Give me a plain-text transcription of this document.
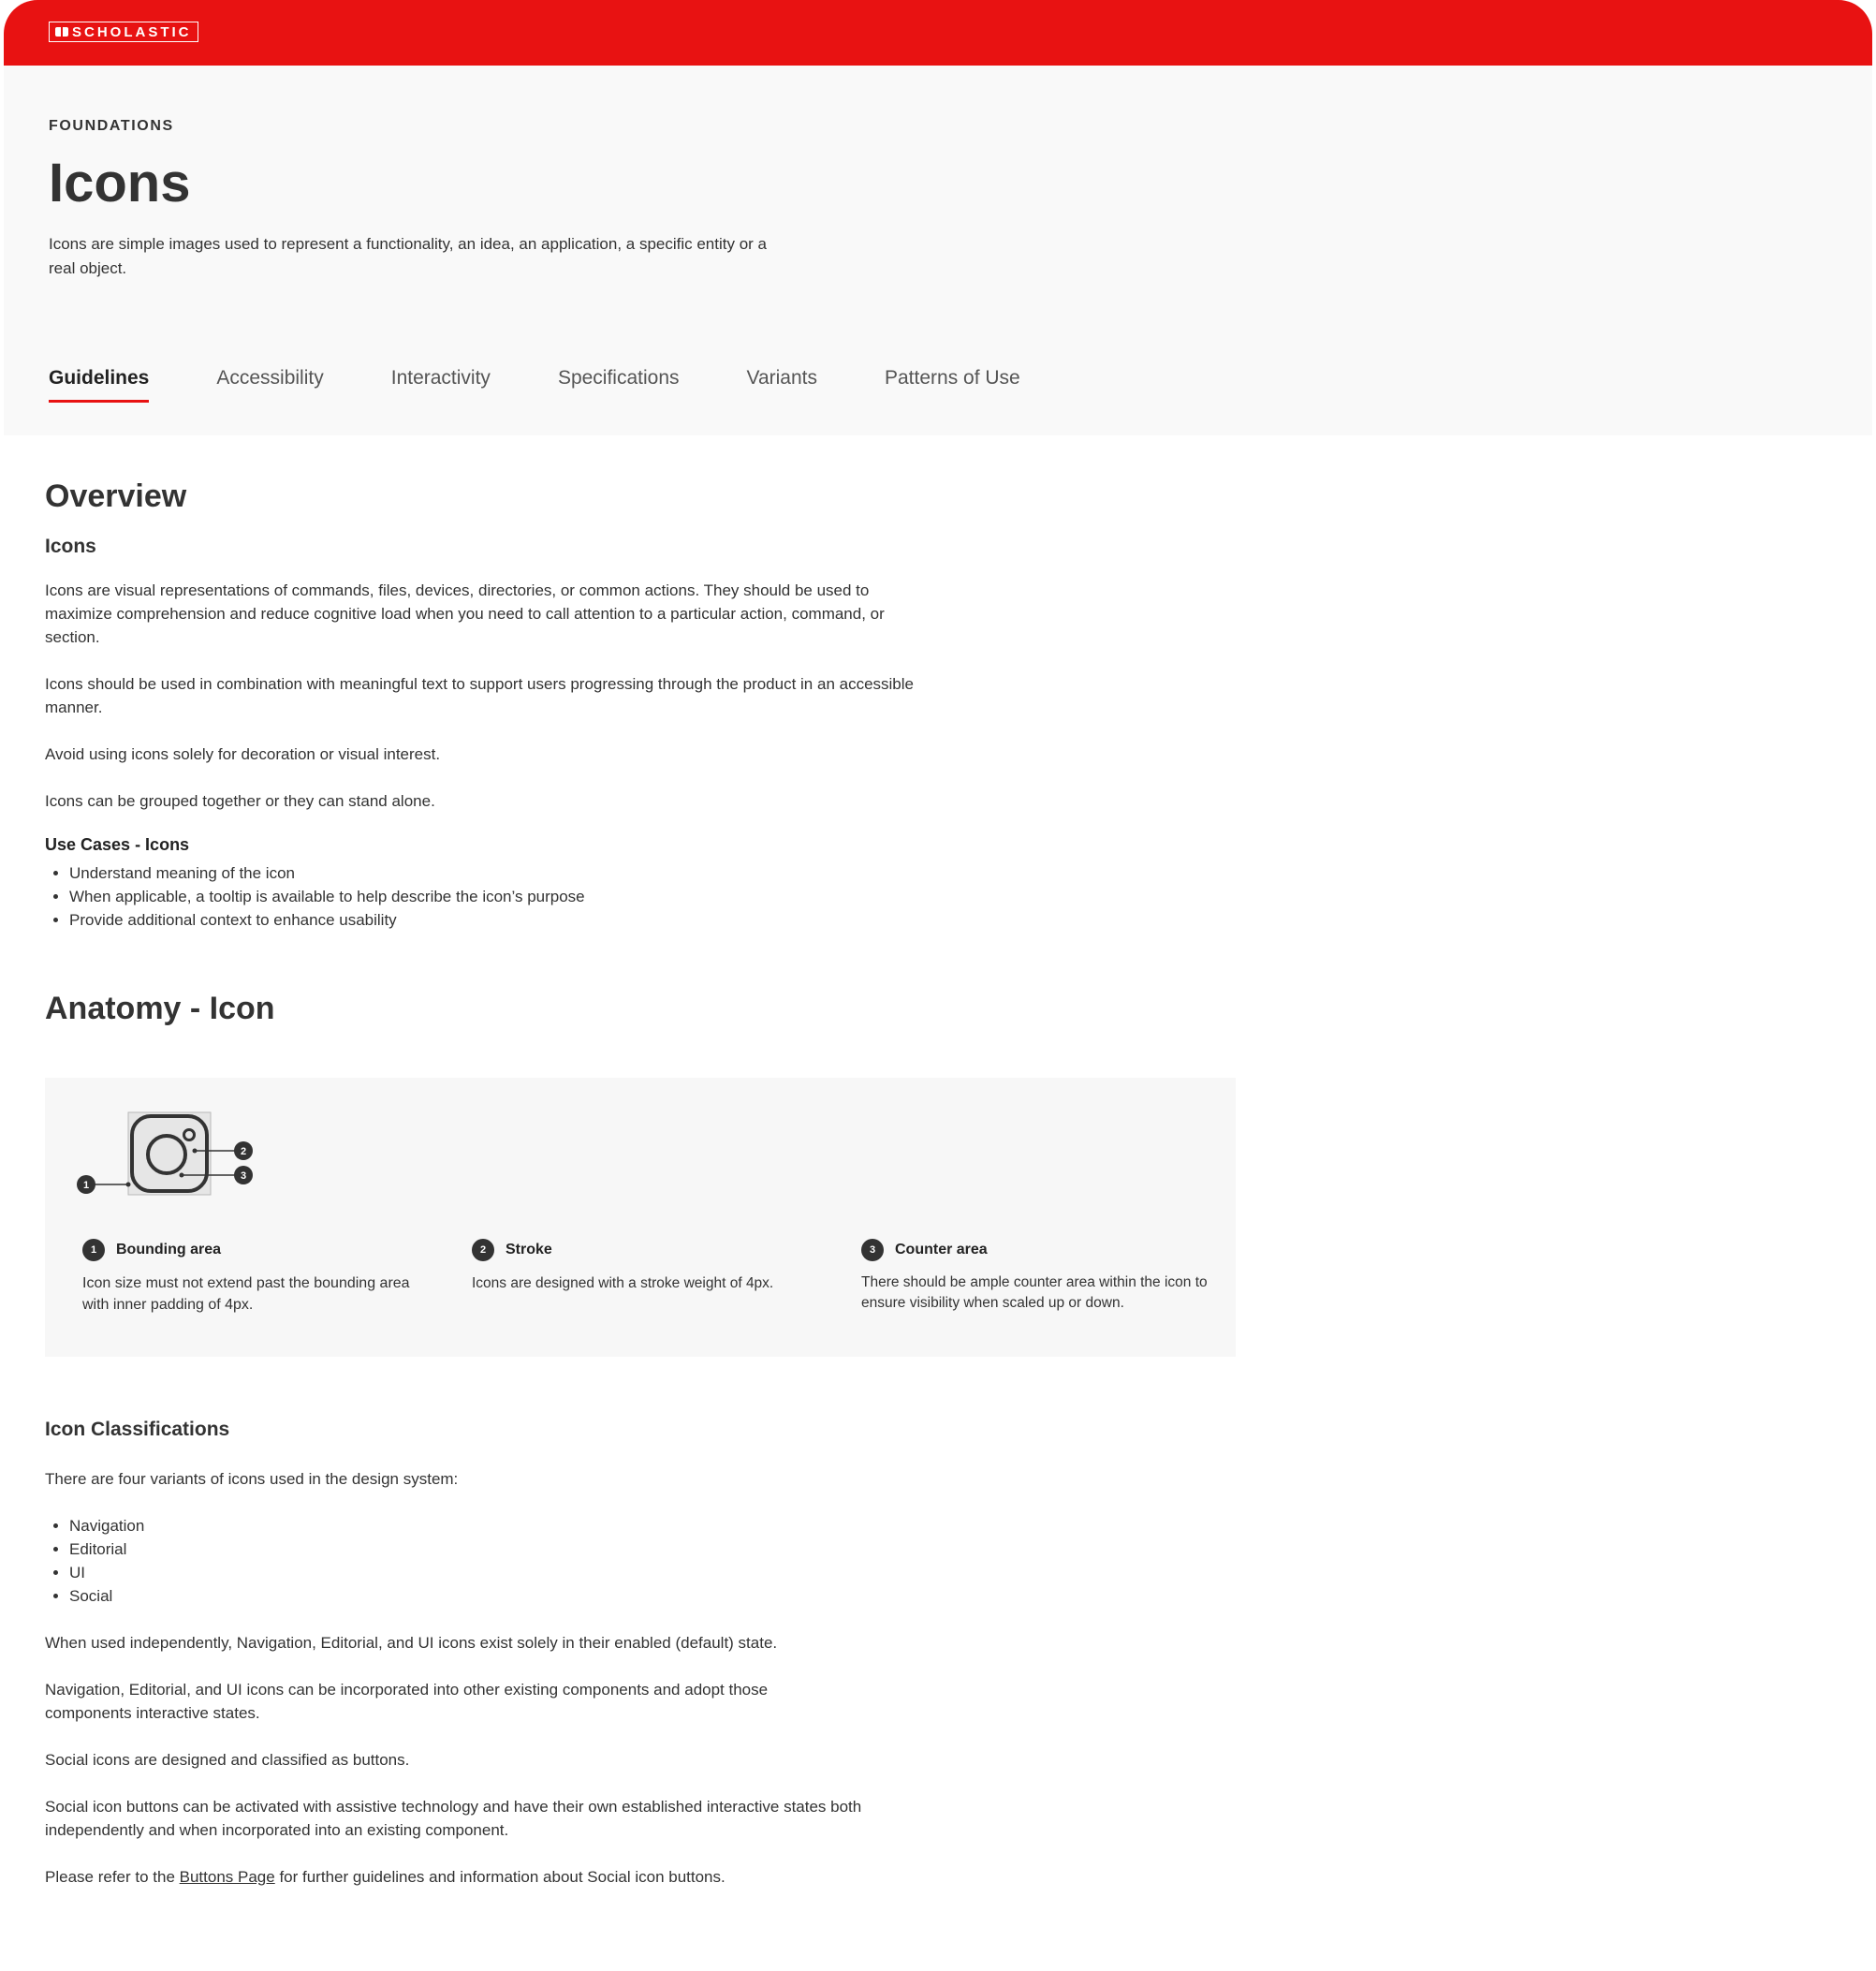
SCHOLASTIC
FOUNDATIONS
Icons
Icons are simple images used to represent a functionality, an idea, an application, a specific entity or a real object.
Guidelines	Accessibility	Interactivity	Specifications	Variants	Patterns of Use
Overview
Icons

Icons are visual representations of commands, files, devices, directories, or common actions. They should be used to maximize comprehension and reduce cognitive load when you need to call attention to a particular action, command, or section.

Icons should be used in combination with meaningful text to support users progressing through the product in an accessible manner.

Avoid using icons solely for decoration or visual interest.

Icons can be grouped together or they can stand alone.

Use Cases - Icons
• Understand meaning of the icon
• When applicable, a tooltip is available to help describe the icon’s purpose
• Provide additional context to enhance usability
Anatomy - Icon
1
2
3
1	Bounding area
Icon size must not extend past the bounding area with inner padding of 4px.
2	Stroke
Icons are designed with a stroke weight of 4px.
3	Counter area
There should be ample counter area within the icon to ensure visibility when scaled up or down.
Icon Classifications

There are four variants of icons used in the design system:

• Navigation
• Editorial
• UI
• Social

When used independently, Navigation, Editorial, and UI icons exist solely in their enabled (default) state.

Navigation, Editorial, and UI icons can be incorporated into other existing components and adopt those components interactive states.

Social icons are designed and classified as buttons.

Social icon buttons can be activated with assistive technology and have their own established interactive states both independently and when incorporated into an existing component.

Please refer to the Buttons Page for further guidelines and information about Social icon buttons.
